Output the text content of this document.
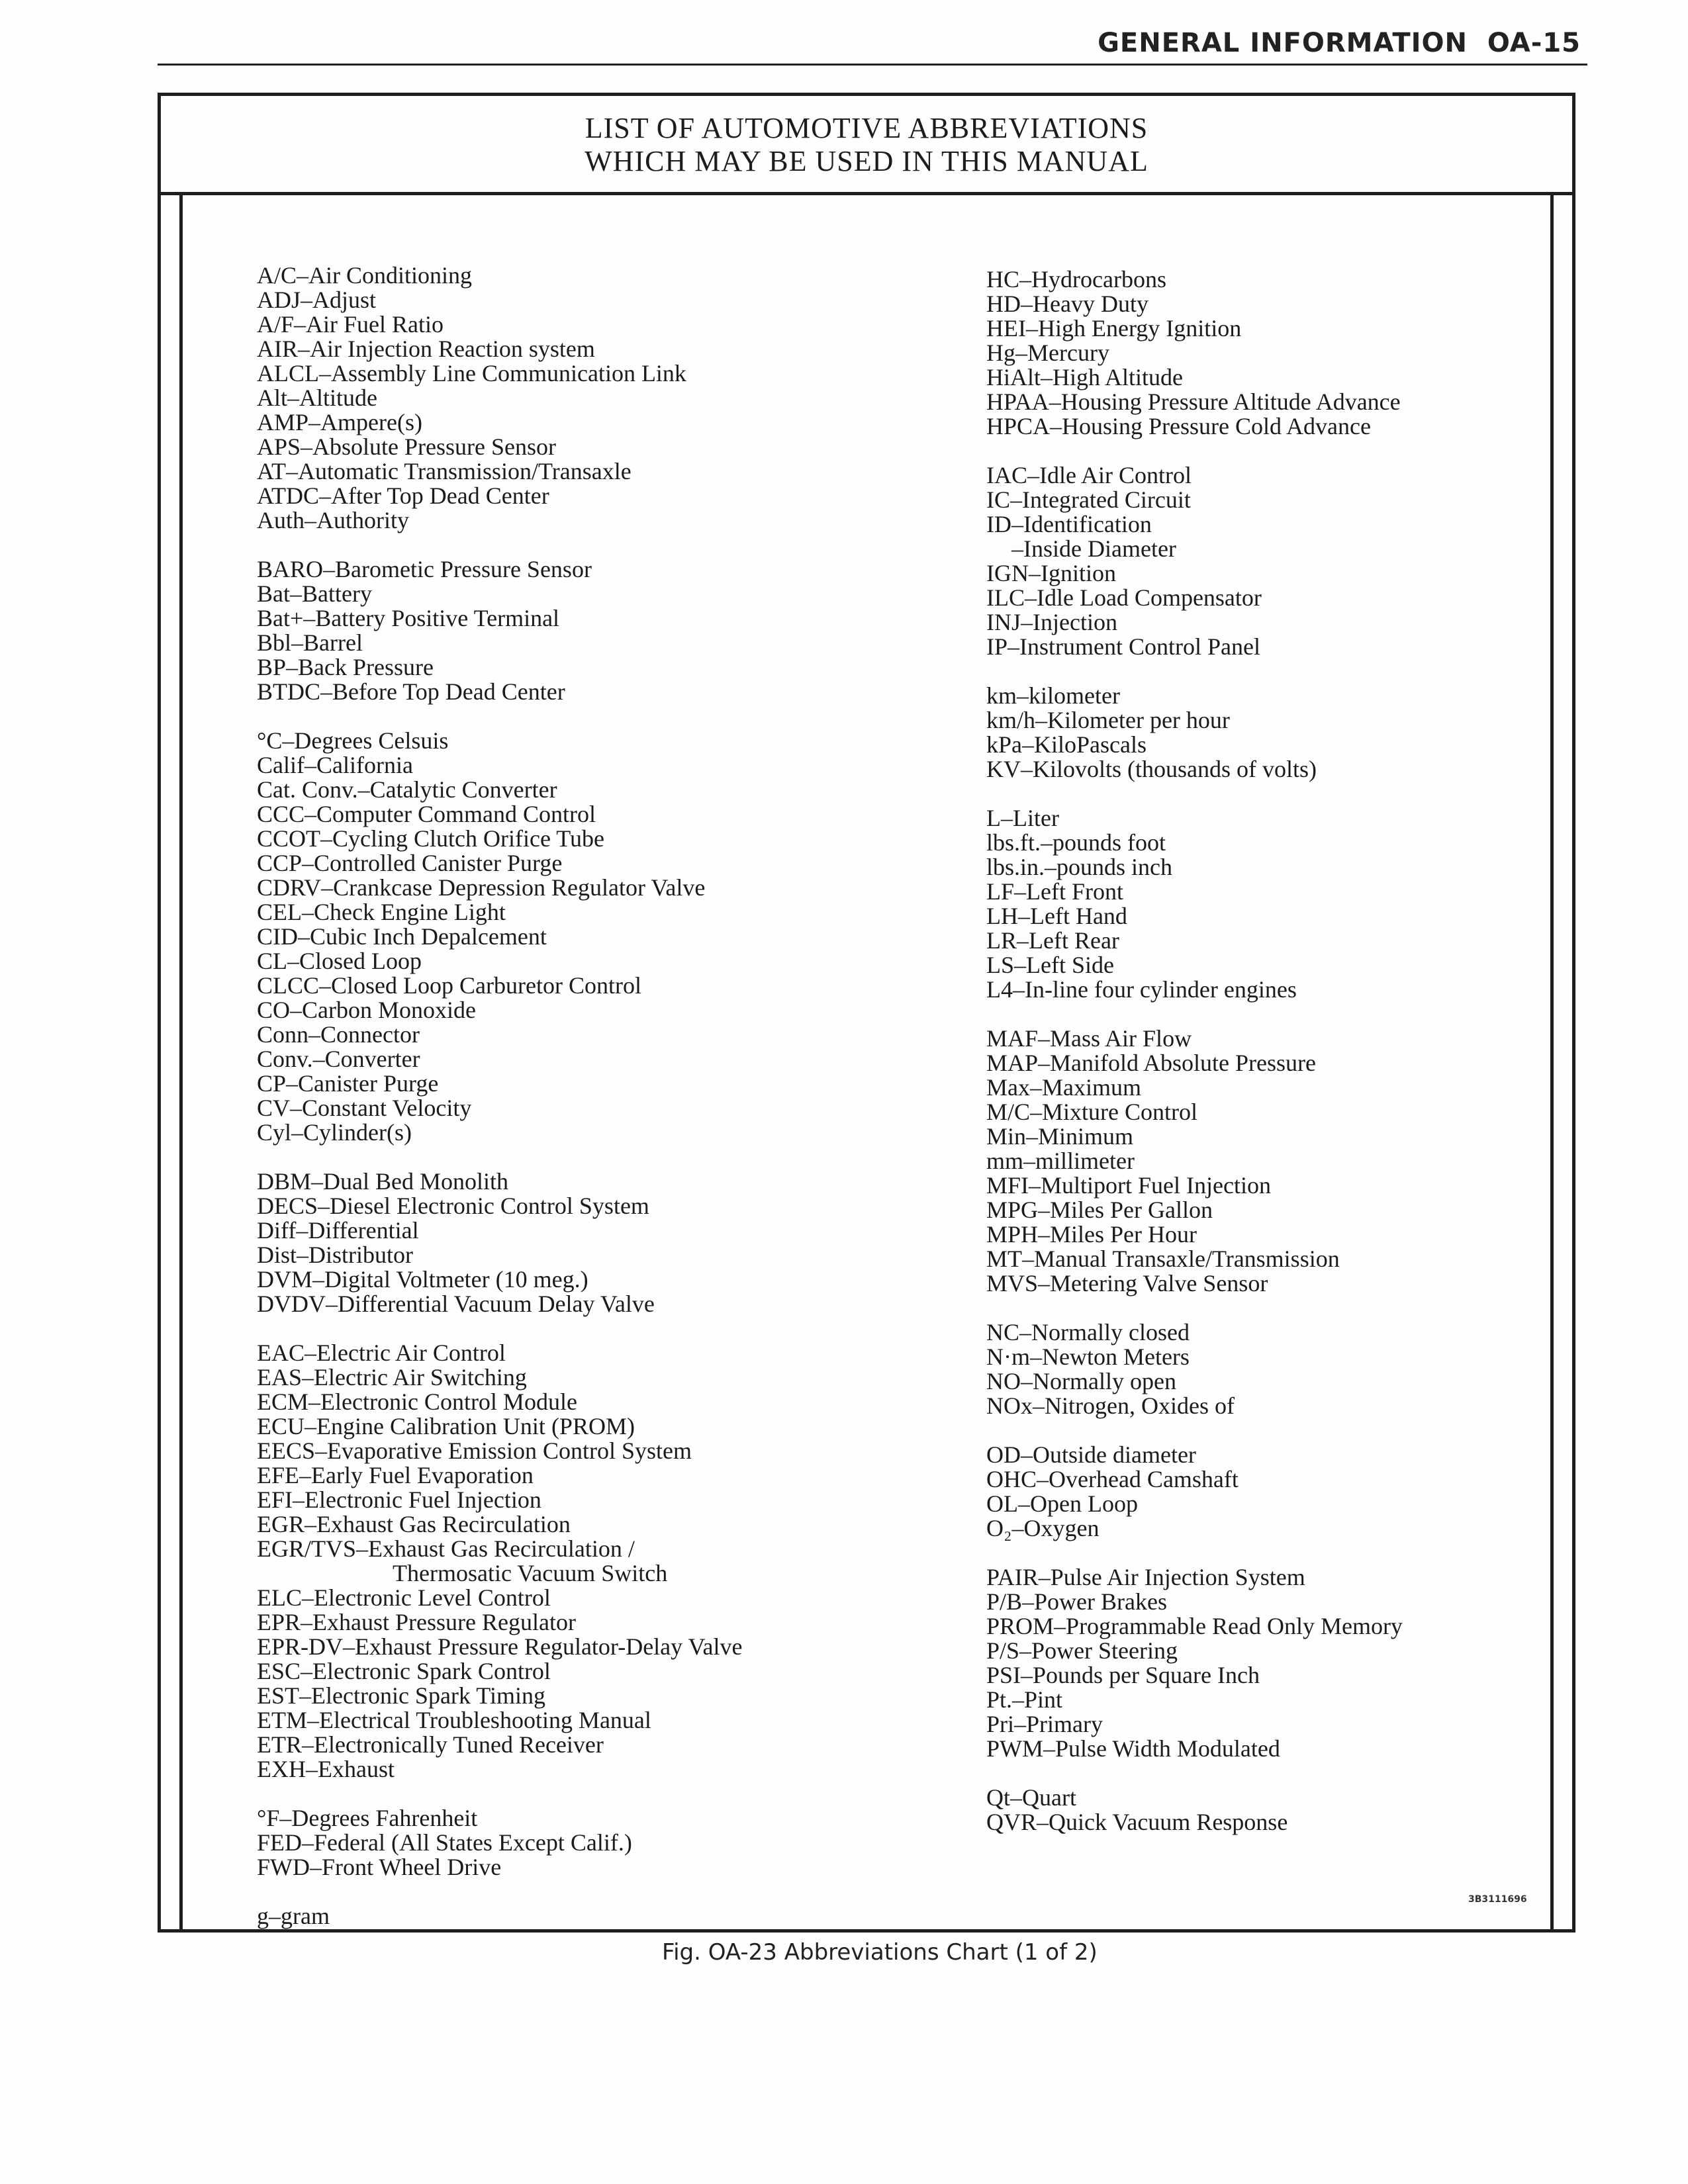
GENERAL INFORMATION OA-15
LIST OF AUTOMOTIVE ABBREVIATIONS
WHICH MAY BE USED IN THIS MANUAL
A/C–Air Conditioning
ADJ–Adjust
A/F–Air Fuel Ratio
AIR–Air Injection Reaction system
ALCL–Assembly Line Communication Link
Alt–Altitude
AMP–Ampere(s)
APS–Absolute Pressure Sensor
AT–Automatic Transmission/Transaxle
ATDC–After Top Dead Center
Auth–Authority
BARO–Barometic Pressure Sensor
Bat–Battery
Bat+–Battery Positive Terminal
Bbl–Barrel
BP–Back Pressure
BTDC–Before Top Dead Center
°C–Degrees Celsuis
Calif–California
Cat. Conv.–Catalytic Converter
CCC–Computer Command Control
CCOT–Cycling Clutch Orifice Tube
CCP–Controlled Canister Purge
CDRV–Crankcase Depression Regulator Valve
CEL–Check Engine Light
CID–Cubic Inch Depalcement
CL–Closed Loop
CLCC–Closed Loop Carburetor Control
CO–Carbon Monoxide
Conn–Connector
Conv.–Converter
CP–Canister Purge
CV–Constant Velocity
Cyl–Cylinder(s)
DBM–Dual Bed Monolith
DECS–Diesel Electronic Control System
Diff–Differential
Dist–Distributor
DVM–Digital Voltmeter (10 meg.)
DVDV–Differential Vacuum Delay Valve
EAC–Electric Air Control
EAS–Electric Air Switching
ECM–Electronic Control Module
ECU–Engine Calibration Unit (PROM)
EECS–Evaporative Emission Control System
EFE–Early Fuel Evaporation
EFI–Electronic Fuel Injection
EGR–Exhaust Gas Recirculation
EGR/TVS–Exhaust Gas Recirculation /
Thermosatic Vacuum Switch
ELC–Electronic Level Control
EPR–Exhaust Pressure Regulator
EPR-DV–Exhaust Pressure Regulator-Delay Valve
ESC–Electronic Spark Control
EST–Electronic Spark Timing
ETM–Electrical Troubleshooting Manual
ETR–Electronically Tuned Receiver
EXH–Exhaust
°F–Degrees Fahrenheit
FED–Federal (All States Except Calif.)
FWD–Front Wheel Drive
g–gram
HC–Hydrocarbons
HD–Heavy Duty
HEI–High Energy Ignition
Hg–Mercury
HiAlt–High Altitude
HPAA–Housing Pressure Altitude Advance
HPCA–Housing Pressure Cold Advance
IAC–Idle Air Control
IC–Integrated Circuit
ID–Identification
–Inside Diameter
IGN–Ignition
ILC–Idle Load Compensator
INJ–Injection
IP–Instrument Control Panel
km–kilometer
km/h–Kilometer per hour
kPa–KiloPascals
KV–Kilovolts (thousands of volts)
L–Liter
lbs.ft.–pounds foot
lbs.in.–pounds inch
LF–Left Front
LH–Left Hand
LR–Left Rear
LS–Left Side
L4–In-line four cylinder engines
MAF–Mass Air Flow
MAP–Manifold Absolute Pressure
Max–Maximum
M/C–Mixture Control
Min–Minimum
mm–millimeter
MFI–Multiport Fuel Injection
MPG–Miles Per Gallon
MPH–Miles Per Hour
MT–Manual Transaxle/Transmission
MVS–Metering Valve Sensor
NC–Normally closed
N·m–Newton Meters
NO–Normally open
NOx–Nitrogen, Oxides of
OD–Outside diameter
OHC–Overhead Camshaft
OL–Open Loop
O₂–Oxygen
PAIR–Pulse Air Injection System
P/B–Power Brakes
PROM–Programmable Read Only Memory
P/S–Power Steering
PSI–Pounds per Square Inch
Pt.–Pint
Pri–Primary
PWM–Pulse Width Modulated
Qt–Quart
QVR–Quick Vacuum Response
3B3111696
Fig. OA-23 Abbreviations Chart (1 of 2)
